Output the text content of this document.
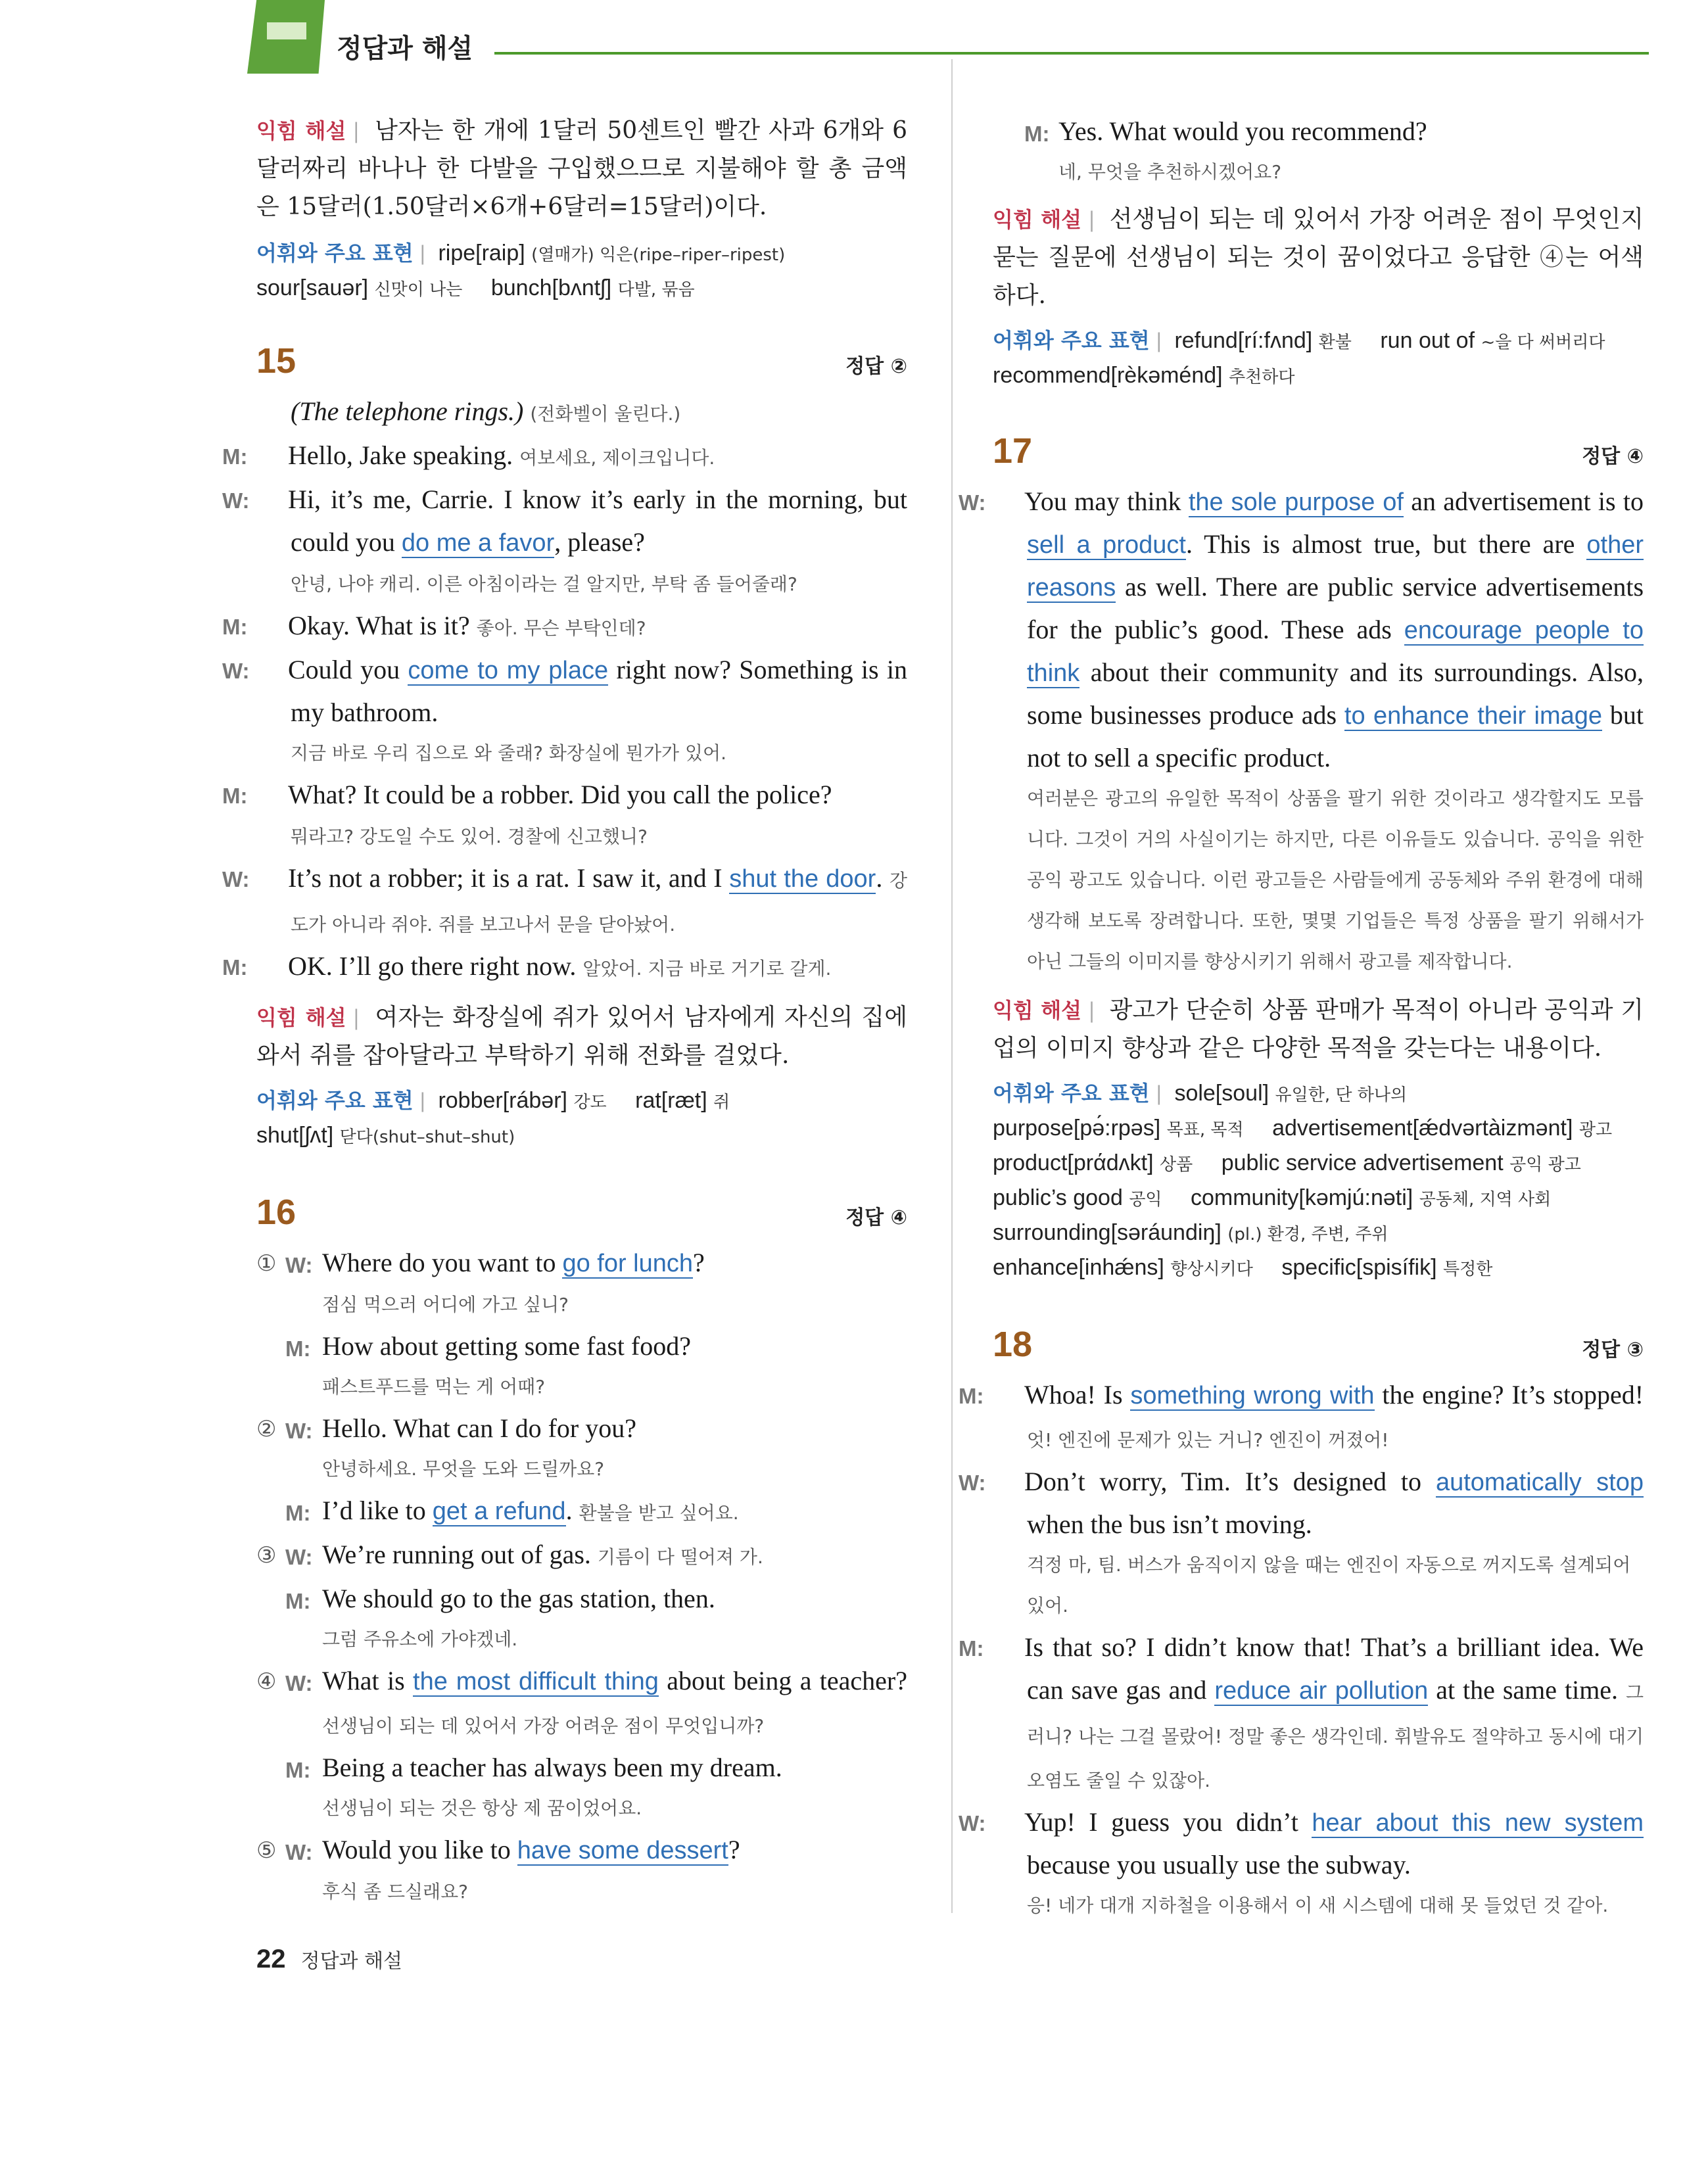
정답과 해설
익힘 해설 | 남자는 한 개에 1달러 50센트인 빨간 사과 6개와 6달러짜리 바나나 한 다발을 구입했으므로 지불해야 할 총 금액은 15달러(1.50달러×6개+6달러=15달러)이다.
어휘와 주요 표현 | ripe[raip] (열매가) 익은(ripe–riper–ripest)
sour[sauər] 신맛이 나는 bunch[bʌntʃ] 다발, 묶음
15	정답 ②
(The telephone rings.) (전화벨이 울린다.)
M: Hello, Jake speaking. 여보세요, 제이크입니다.
W: Hi, it’s me, Carrie. I know it’s early in the morning, but could you do me a favor, please?
안녕, 나야 캐리. 이른 아침이라는 걸 알지만, 부탁 좀 들어줄래?
M: Okay. What is it? 좋아. 무슨 부탁인데?
W: Could you come to my place right now? Something is in my bathroom.
지금 바로 우리 집으로 와 줄래? 화장실에 뭔가가 있어.
M: What? It could be a robber. Did you call the police?
뭐라고? 강도일 수도 있어. 경찰에 신고했니?
W: It’s not a robber; it is a rat. I saw it, and I shut the door. 강도가 아니라 쥐야. 쥐를 보고나서 문을 닫아놨어.
M: OK. I’ll go there right now. 알았어. 지금 바로 거기로 갈게.
익힘 해설 | 여자는 화장실에 쥐가 있어서 남자에게 자신의 집에 와서 쥐를 잡아달라고 부탁하기 위해 전화를 걸었다.
어휘와 주요 표현 | robber[rábər] 강도 rat[ræt] 쥐
shut[ʃʌt] 닫다(shut–shut–shut)
16	정답 ④
① W: Where do you want to go for lunch?
점심 먹으러 어디에 가고 싶니?
M: How about getting some fast food?
패스트푸드를 먹는 게 어때?
② W: Hello. What can I do for you?
안녕하세요. 무엇을 도와 드릴까요?
M: I’d like to get a refund. 환불을 받고 싶어요.
③ W: We’re running out of gas. 기름이 다 떨어져 가.
M: We should go to the gas station, then.
그럼 주유소에 가야겠네.
④ W: What is the most difficult thing about being a teacher? 선생님이 되는 데 있어서 가장 어려운 점이 무엇입니까?
M: Being a teacher has always been my dream.
선생님이 되는 것은 항상 제 꿈이었어요.
⑤ W: Would you like to have some dessert?
후식 좀 드실래요?
M: Yes. What would you recommend?
네, 무엇을 추천하시겠어요?
익힘 해설 | 선생님이 되는 데 있어서 가장 어려운 점이 무엇인지 묻는 질문에 선생님이 되는 것이 꿈이었다고 응답한 ④는 어색하다.
어휘와 주요 표현 | refund[rí:fʌnd] 환불 run out of ~을 다 써버리다
recommend[rèkəménd] 추천하다
17	정답 ④
W: You may think the sole purpose of an advertisement is to sell a product. This is almost true, but there are other reasons as well. There are public service advertisements for the public’s good. These ads encourage people to think about their community and its surroundings. Also, some businesses produce ads to enhance their image but not to sell a specific product.
여러분은 광고의 유일한 목적이 상품을 팔기 위한 것이라고 생각할지도 모릅니다. 그것이 거의 사실이기는 하지만, 다른 이유들도 있습니다. 공익을 위한 공익 광고도 있습니다. 이런 광고들은 사람들에게 공동체와 주위 환경에 대해 생각해 보도록 장려합니다. 또한, 몇몇 기업들은 특정 상품을 팔기 위해서가 아닌 그들의 이미지를 향상시키기 위해서 광고를 제작합니다.
익힘 해설 | 광고가 단순히 상품 판매가 목적이 아니라 공익과 기업의 이미지 향상과 같은 다양한 목적을 갖는다는 내용이다.
어휘와 주요 표현 | sole[soul] 유일한, 단 하나의
purpose[pə́:rpəs] 목표, 목적 advertisement[ǽdvərtàizmənt] 광고
product[prάdʌkt] 상품 public service advertisement 공익 광고
public’s good 공익 community[kəmjú:nəti] 공동체, 지역 사회
surrounding[səráundiŋ] (pl.) 환경, 주변, 주위
enhance[inhǽns] 향상시키다 specific[spisífik] 특정한
18	정답 ③
M: Whoa! Is something wrong with the engine? It’s stopped! 엇! 엔진에 문제가 있는 거니? 엔진이 꺼졌어!
W: Don’t worry, Tim. It’s designed to automatically stop when the bus isn’t moving.
걱정 마, 팀. 버스가 움직이지 않을 때는 엔진이 자동으로 꺼지도록 설계되어 있어.
M: Is that so? I didn’t know that! That’s a brilliant idea. We can save gas and reduce air pollution at the same time. 그러니? 나는 그걸 몰랐어! 정말 좋은 생각인데. 휘발유도 절약하고 동시에 대기 오염도 줄일 수 있잖아.
W: Yup! I guess you didn’t hear about this new system because you usually use the subway.
응! 네가 대개 지하철을 이용해서 이 새 시스템에 대해 못 들었던 것 같아.
22 정답과 해설
